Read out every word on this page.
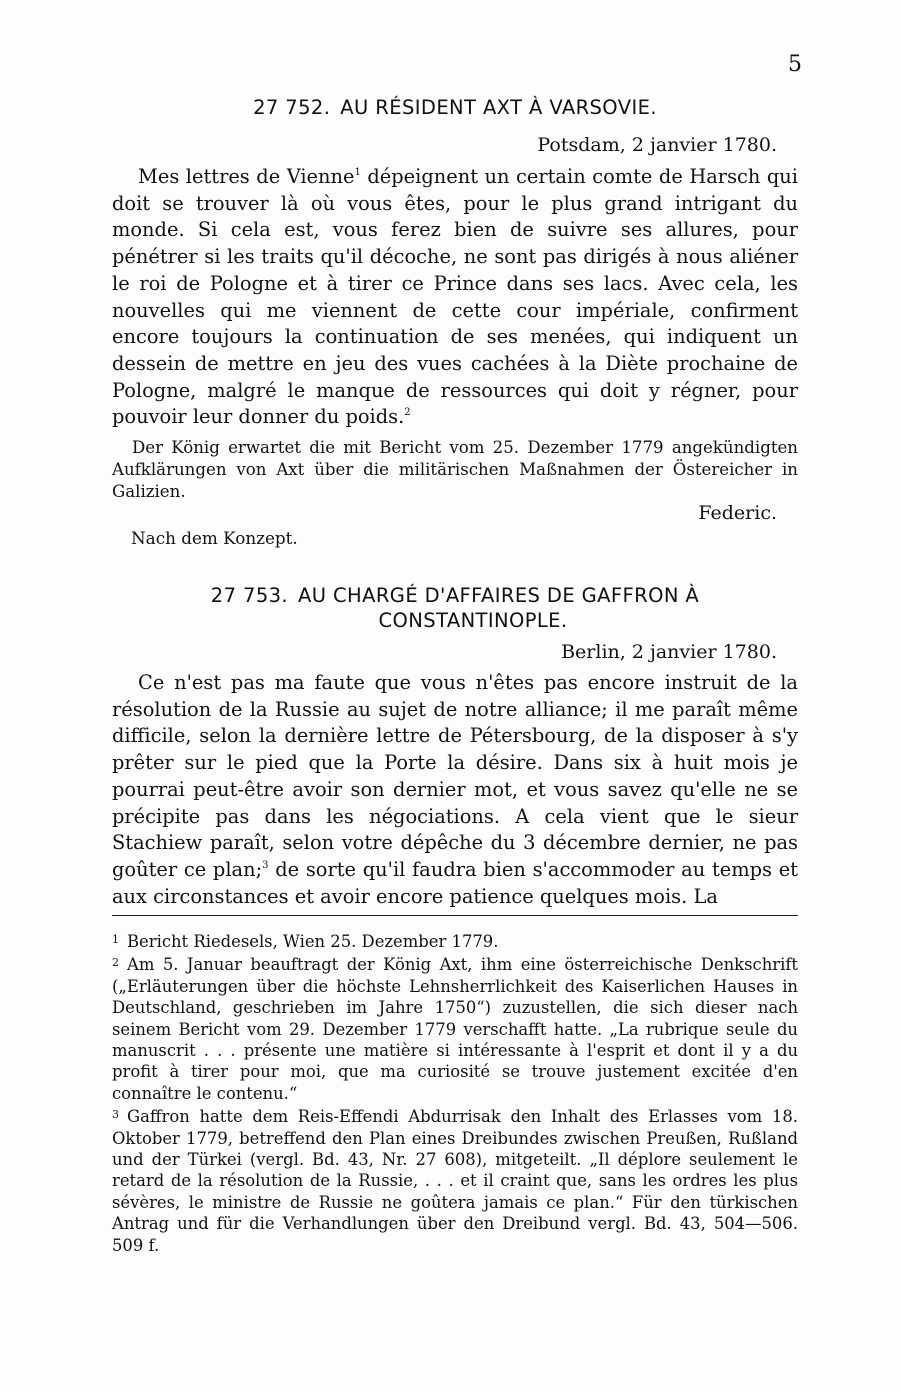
5
27 752. AU RÉSIDENT AXT À VARSOVIE.
Potsdam, 2 janvier 1780.

Mes lettres de Vienne$^1$ dépeignent un certain comte de Harsch qui doit se trouver là où vous êtes, pour le plus grand intrigant du monde. Si cela est, vous ferez bien de suivre ses allures, pour pénétrer si les traits qu'il décoche, ne sont pas dirigés à nous aliéner le roi de Pologne et à tirer ce Prince dans ses lacs. Avec cela, les nouvelles qui me viennent de cette cour impériale, confirment encore toujours la continuation de ses menées, qui indiquent un dessein de mettre en jeu des vues cachées à la Diète prochaine de Pologne, malgré le manque de ressources qui doit y régner, pour pouvoir leur donner du poids.$^2$

Der König erwartet die mit Bericht vom 25. Dezember 1779 angekündigten Aufklärungen von Axt über die militärischen Maßnahmen der Östereicher in Galizien.

Federic.
Nach dem Konzept.
27 753. AU CHARGÉ D'AFFAIRES DE GAFFRON À
CONSTANTINOPLE.
Berlin, 2 janvier 1780.

Ce n'est pas ma faute que vous n'êtes pas encore instruit de la résolution de la Russie au sujet de notre alliance; il me paraît même difficile, selon la dernière lettre de Pétersbourg, de la disposer à s'y prêter sur le pied que la Porte la désire. Dans six à huit mois je pourrai peut-être avoir son dernier mot, et vous savez qu'elle ne se précipite pas dans les négociations. A cela vient que le sieur Stachiew paraît, selon votre dépêche du 3 décembre dernier, ne pas goûter ce plan;$^3$ de sorte qu'il faudra bien s'accommoder au temps et aux circonstances et avoir encore patience quelques mois. La

$^1$ Bericht Riedesels, Wien 25. Dezember 1779.

$^2$ Am 5. Januar beauftragt der König Axt, ihm eine österreichische Denkschrift („Erläuterungen über die höchste Lehnsherrlichkeit des Kaiserlichen Hauses in Deutschland, geschrieben im Jahre 1750“) zuzustellen, die sich dieser nach seinem Bericht vom 29. Dezember 1779 verschafft hatte. „La rubrique seule du manuscrit . . . présente une matière si intéressante à l'esprit et dont il y a du profit à tirer pour moi, que ma curiosité se trouve justement excitée d'en connaître le contenu.“

$^3$ Gaffron hatte dem Reis-Effendi Abdurrisak den Inhalt des Erlasses vom 18. Oktober 1779, betreffend den Plan eines Dreibundes zwischen Preußen, Rußland und der Türkei (vergl. Bd. 43, Nr. 27 608), mitgeteilt. „Il déplore seulement le retard de la résolution de la Russie, . . . et il craint que, sans les ordres les plus sévères, le ministre de Russie ne goûtera jamais ce plan.“ Für den türkischen Antrag und für die Verhandlungen über den Dreibund vergl. Bd. 43, 504—506. 509 f.
